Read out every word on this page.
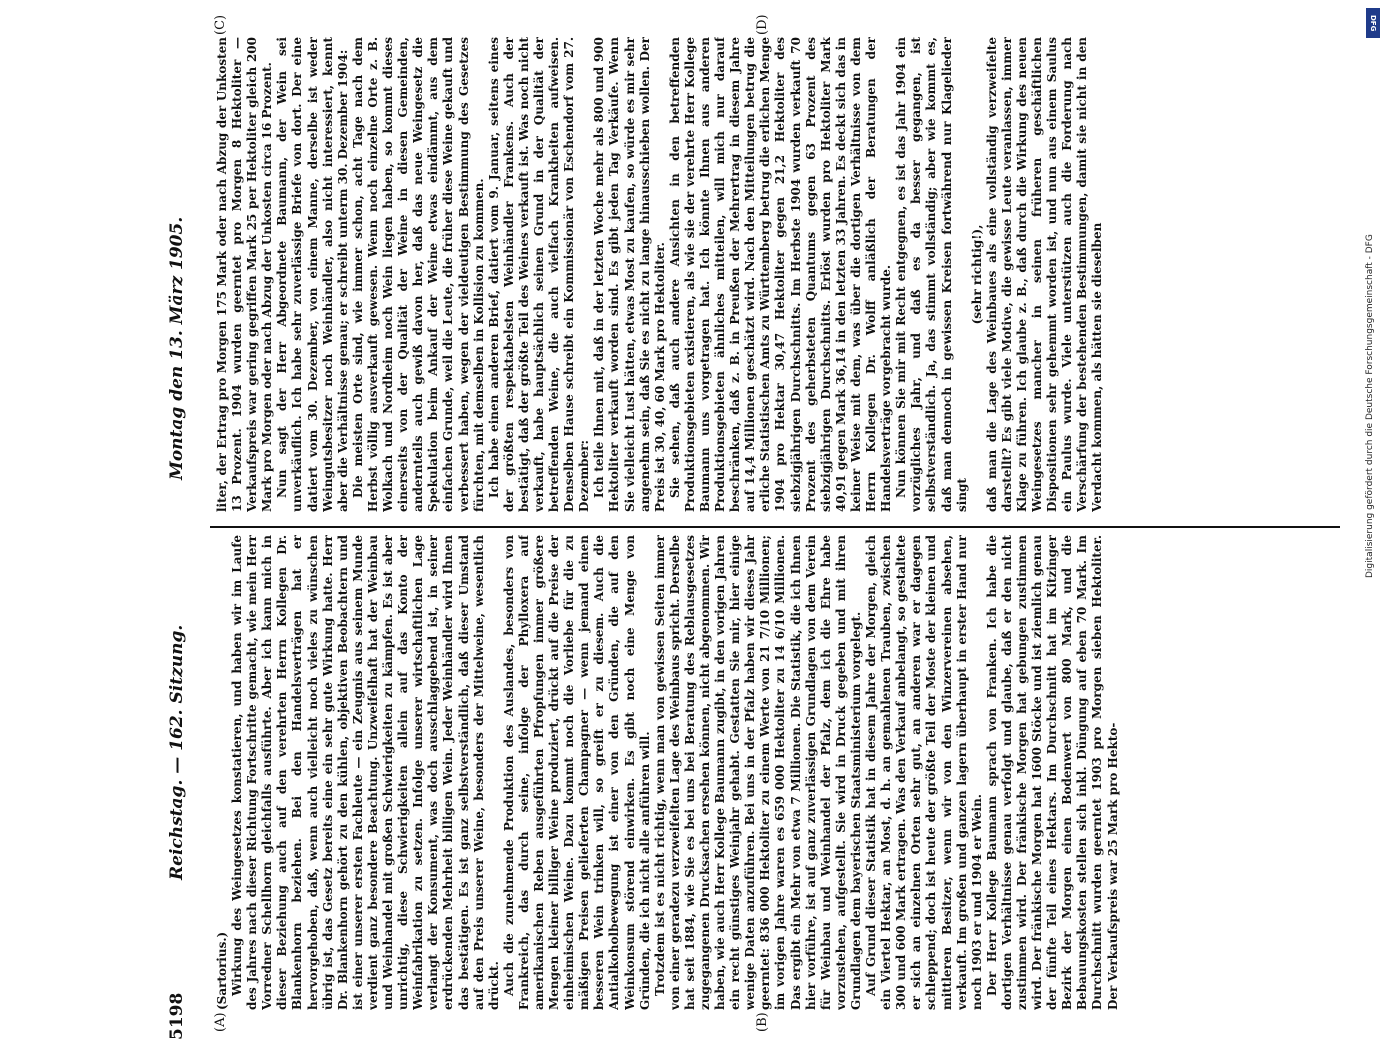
5198
Reichstag. — 162. Sitzung.
Montag den 13. März 1905.
(A)	(B)
(C)	(D)

(Sartorius.) Wirkung des Weingesetzes konstatieren, und haben wir im Laufe des Jahres nach dieser Richtung Fortschritte gemacht, wie mein Herr Vorredner Schellhorn gleichfalls ausführte. Aber ich kann mich in dieser Beziehung auch auf den verehrten Herrn Kollegen Dr. Blankenhorn beziehen. Bei den Handelsverträgen hat er hervorgehoben, daß, wenn auch vielleicht noch vieles zu wünschen übrig ist, das Gesetz bereits eine ein sehr gute Wirkung hatte. Herr Dr. Blankenhorn gehört zu den kühlen, objektiven Beobachtern und ist einer unserer ersten Fachleute — ein Zeugnis aus seinem Munde verdient ganz besondere Beachtung. Unzweifelhaft hat der Weinbau und Weinhandel mit großen Schwierigkeiten zu kämpfen. Es ist aber unrichtig, diese Schwierigkeiten allein auf das Konto der Weinfabrikation zu setzen. Infolge unserer wirtschaftlichen Lage verlangt der Konsument, was doch ausschlaggebend ist, in seiner erdrückenden Mehrheit billigen Wein. Jeder Weinhändler wird Ihnen das bestätigen. Es ist ganz selbstverständlich, daß dieser Umstand auf den Preis unserer Weine, besonders der Mittelweine, wesentlich drückt. Auch die zunehmende Produktion des Auslandes, besonders von Frankreich, das durch seine, infolge der Phylloxera auf amerikanischen Reben ausgeführten Pfropfungen immer größere Mengen kleiner billiger Weine produziert, drückt auf die Preise der einheimischen Weine. Dazu kommt noch die Vorliebe für die zu mäßigen Preisen gelieferten Champagner — wenn jemand einen besseren Wein trinken will, so greift er zu diesem. Auch die Antialkoholbewegung ist einer von den Gründen, die auf den Weinkonsum störend einwirken. Es gibt noch eine Menge von Gründen, die ich nicht alle anführen will. Trotzdem ist es nicht richtig, wenn man von gewissen Seiten immer von einer geradezu verzweifelten Lage des Weinbaus spricht. Derselbe hat seit 1884, wie Sie es bei uns bei Beratung des Reblausgesetzes zugegangenen Drucksachen ersehen können, nicht abgenommen. Wir haben, wie auch Herr Kollege Baumann zugibt, in den vorigen Jahren ein recht günstiges Weinjahr gehabt. Gestatten Sie mir, hier einige wenige Daten anzuführen. Bei uns in der Pfalz haben wir dieses Jahr geerntet: 836 000 Hektoliter zu einem Werte von 21 7/10 Millionen; im vorigen Jahre waren es 659 000 Hektoliter zu 14 6/10 Millionen. Das ergibt ein Mehr von etwa 7 Millionen. Die Statistik, die ich Ihnen hier vorführe, ist auf ganz zuverlässigen Grundlagen von dem Verein für Weinbau und Weinhandel der Pfalz, dem ich die Ehre habe vorzustehen, aufgestellt. Sie wird in Druck gegeben und mit ihren Grundlagen dem bayerischen Staatsministerium vorgelegt. Auf Grund dieser Statistik hat in diesem Jahre der Morgen, gleich ein Viertel Hektar, an Most, d. h. an gemahlenen Trauben, zwischen 300 und 600 Mark ertragen. Was den Verkauf anbelangt, so gestaltete er sich an einzelnen Orten sehr gut, an anderen war er dagegen schleppend; doch ist heute der größte Teil der Moste der kleinen und mittleren Besitzer, wenn wir von den Winzervereinen absehen, verkauft. Im großen und ganzen lagern überhaupt in erster Hand nur noch 1903 er und 1904 er Wein. Der Herr Kollege Baumann sprach von Franken. Ich habe die dortigen Verhältnisse genau verfolgt und glaube, daß er den nicht zustimmen wird. Der fränkische Morgen hat gebungen zustimmen wird. Der fränkische Morgen hat 1600 Stöcke und ist ziemlich genau der fünfte Teil eines Hektars. Im Durchschnitt hat im Kitzinger Bezirk der Morgen einen Bodenwert von 800 Mark, und die Bebauungskosten stellen sich inkl. Düngung auf eben 70 Mark. Im Durchschnitt wurden geerntet 1903 pro Morgen sieben Hektoliter. Der Verkaufspreis war 25 Mark pro Hekto-

liter, der Ertrag pro Morgen 175 Mark oder nach Abzug der Unkosten 13 Prozent. 1904 wurden geerntet pro Morgen 8 Hektoliter — Verkaufspreis war gering gegriffen Mark 25 per Hektoliter gleich 200 Mark pro Morgen oder nach Abzug der Unkosten circa 16 Prozent. Nun sagt der Herr Abgeordnete Baumann, der Wein sei unverkäuflich. Ich habe sehr zuverlässige Briefe von dort. Der eine datiert vom 30. Dezember, von einem Manne, derselbe ist weder Weingutsbesitzer noch Weinhändler, also nicht interessiert, kennt aber die Verhältnisse genau; er schreibt unterm 30. Dezember 1904: Die meisten Orte sind, wie immer schon, acht Tage nach dem Herbst völlig ausverkauft gewesen. Wenn noch einzelne Orte z. B. Wolkach und Nordheim noch Wein liegen haben, so kommt dieses einerseits von der Qualität der Weine in diesen Gemeinden, andernteils auch gewiß davon her, daß das neue Weingesetz die Spekulation beim Ankauf der Weine etwas eindämmt, aus dem einfachen Grunde, weil die Leute, die früher diese Weine gekauft und verbessert haben, wegen der vieldeutigen Bestimmung des Gesetzes fürchten, mit demselben in Kollision zu kommen. Ich habe einen anderen Brief, datiert vom 9. Januar, seitens eines der größten respektabelsten Weinhändler Frankens. Auch der bestätigt, daß der größte Teil des Weines verkauft ist. Was noch nicht verkauft, habe hauptsächlich seinen Grund in der Qualität der betreffenden Weine, die auch vielfach Krankheiten aufweisen. Denselben Hause schreibt ein Kommissionär von Eschendorf vom 27. Dezember: Ich teile Ihnen mit, daß in der letzten Woche mehr als 800 und 900 Hektoliter verkauft worden sind. Es gibt jeden Tag Verkäufe. Wenn Sie vielleicht Lust hätten, etwas Most zu kaufen, so würde es mir sehr angenehm sein, daß Sie es nicht zu lange hinausschieben wollen. Der Preis ist 30, 40, 60 Mark pro Hektoliter. Sie sehen, daß auch andere Ansichten in den betreffenden Produktionsgebieten existieren, als wie sie der verehrte Herr Kollege Baumann uns vorgetragen hat. Ich könnte Ihnen aus anderen Produktionsgebieten ähnliches mitteilen, will mich nur darauf beschränken, daß z. B. in Preußen der Mehrertrag in diesem Jahre auf 14,4 Millionen geschätzt wird. Nach den Mitteilungen betrug die erliche Statistischen Amts zu Württemberg betrug die erlichen Menge 1904 pro Hektar 30,47 Hektoliter gegen 21,2 Hektoliter des siebzigjährigen Durchschnitts. Im Herbste 1904 wurden verkauft 70 Prozent des geherbsteten Quantums gegen 63 Prozent des siebzigjährigen Durchschnitts. Erlöst wurden pro Hektoliter Mark 40,91 gegen Mark 36,14 in den letzten 33 Jahren. Es deckt sich das in keiner Weise mit dem, was über die dortigen Verhältnisse von dem Herrn Kollegen Dr. Wolff anläßlich der Beratungen der Handelsverträge vorgebracht wurde. Nun können Sie mir mit Recht entgegnen, es ist das Jahr 1904 ein vorzügliches Jahr, und daß es da besser gegangen, ist selbstverständlich. Ja, das stimmt vollständig; aber wie kommt es, daß man dennoch in gewissen Kreisen fortwährend nur Klagelieder singt

(sehr richtig!), daß man die Lage des Weinbaues als eine vollständig verzweifelte darstellt? Es gibt viele Motive, die gewisse Leute veranlassen, immer Klage zu führen. Ich glaube z. B., daß durch die Wirkung des neuen Weingesetzes mancher in seinen früheren geschäftlichen Dispositionen sehr gehemmt worden ist, und nun aus einem Saulus ein Paulus wurde. Viele unterstützen auch die Forderung nach Verschärfung der bestehenden Bestimmungen, damit sie nicht in den Verdacht kommen, als hätten sie dieselben	Digitalisierung gefördert durch die Deutsche Forschungsgemeinschaft - DFG
DFG
